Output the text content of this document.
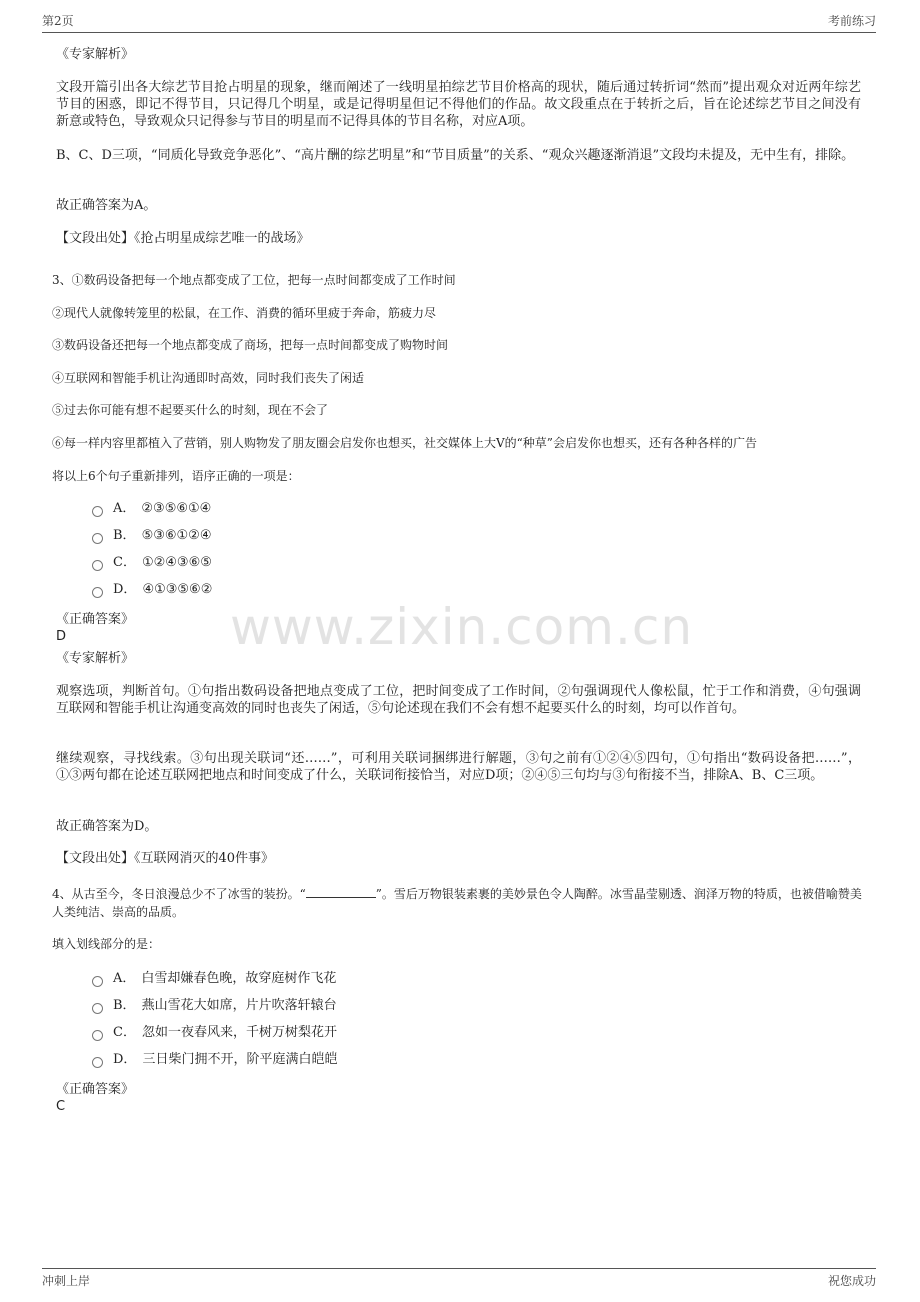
第2页	考前练习
www.zixin.com.cn
《专家解析》
文段开篇引出各大综艺节目抢占明星的现象，继而阐述了一线明星拍综艺节目价格高的现状，随后通过转折词“然而”提出观众对近两年综艺节目的困惑，即记不得节目，只记得几个明星，或是记得明星但记不得他们的作品。故文段重点在于转折之后，旨在论述综艺节目之间没有新意或特色，导致观众只记得参与节目的明星而不记得具体的节目名称，对应A项。
B、C、D三项，“同质化导致竞争恶化”、“高片酬的综艺明星”和“节目质量”的关系、“观众兴趣逐渐消退”文段均未提及，无中生有，排除。
故正确答案为A。
【文段出处】《抢占明星成综艺唯一的战场》
3、①数码设备把每一个地点都变成了工位，把每一点时间都变成了工作时间
②现代人就像转笼里的松鼠，在工作、消费的循环里疲于奔命，筋疲力尽
③数码设备还把每一个地点都变成了商场，把每一点时间都变成了购物时间
④互联网和智能手机让沟通即时高效，同时我们丧失了闲适
⑤过去你可能有想不起要买什么的时刻，现在不会了
⑥每一样内容里都植入了营销，别人购物发了朋友圈会启发你也想买，社交媒体上大V的“种草”会启发你也想买，还有各种各样的广告
将以上6个句子重新排列，语序正确的一项是：
A． ②③⑤⑥①④
B． ⑤③⑥①②④
C． ①②④③⑥⑤
D． ④①③⑤⑥②
《正确答案》
D
《专家解析》
观察选项，判断首句。①句指出数码设备把地点变成了工位，把时间变成了工作时间，②句强调现代人像松鼠，忙于工作和消费，④句强调互联网和智能手机让沟通变高效的同时也丧失了闲适，⑤句论述现在我们不会有想不起要买什么的时刻，均可以作首句。
继续观察，寻找线索。③句出现关联词“还……”，可利用关联词捆绑进行解题，③句之前有①②④⑤四句，①句指出“数码设备把……”，①③两句都在论述互联网把地点和时间变成了什么，关联词衔接恰当，对应D项；②④⑤三句均与③句衔接不当，排除A、B、C三项。
故正确答案为D。
【文段出处】《互联网消灭的40件事》
4、从古至今，冬日浪漫总少不了冰雪的装扮。“	”。雪后万物银装素裹的美妙景色令人陶醉。冰雪晶莹剔透、润泽万物的特质，也被借喻赞美人类纯洁、崇高的品质。
填入划线部分的是：
A． 白雪却嫌春色晚，故穿庭树作飞花
B． 燕山雪花大如席，片片吹落轩辕台
C． 忽如一夜春风来，千树万树梨花开
D． 三日柴门拥不开，阶平庭满白皑皑
《正确答案》
C
冲刺上岸	祝您成功
